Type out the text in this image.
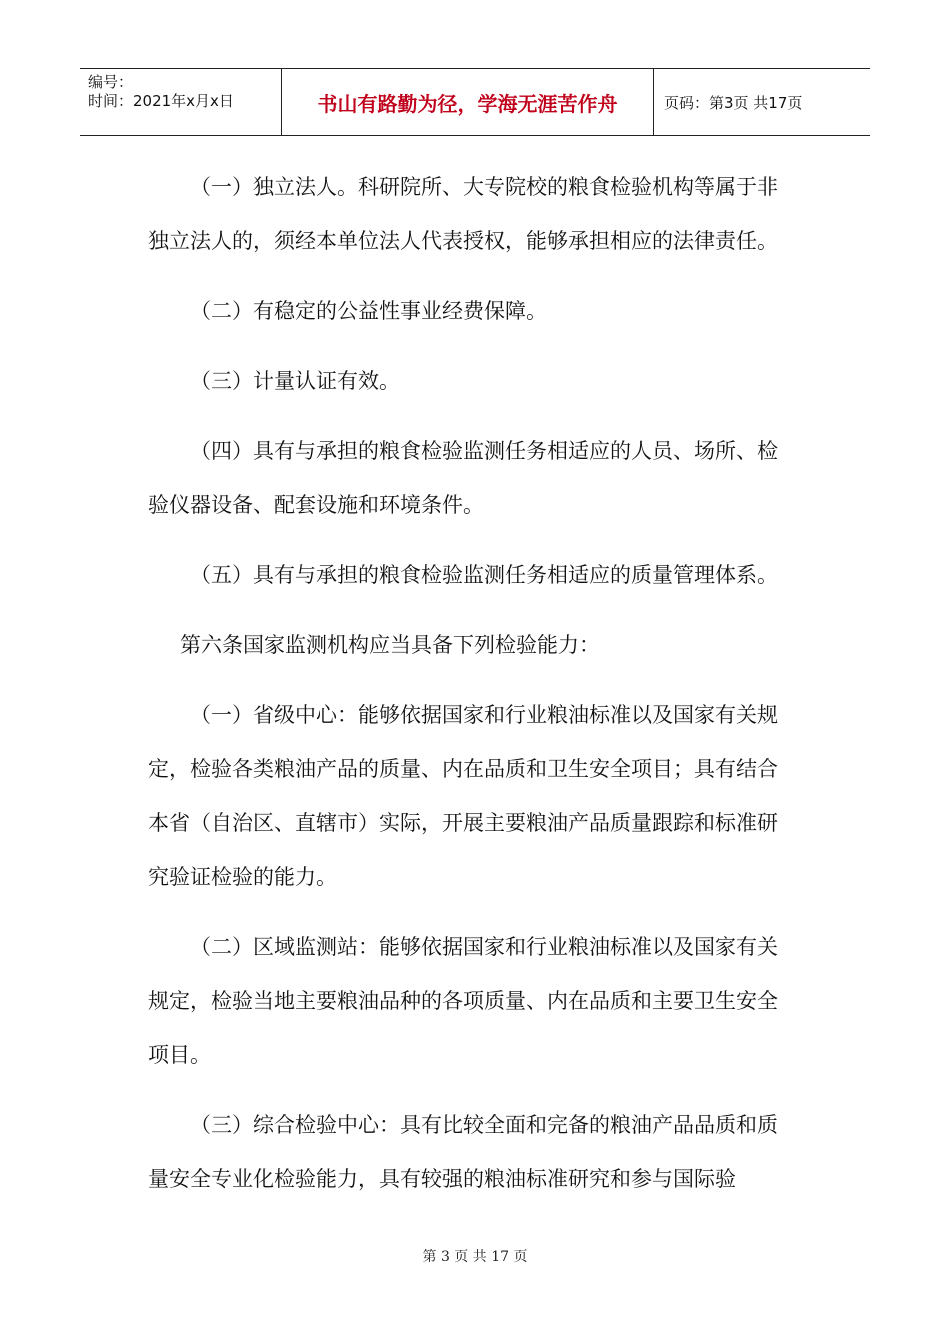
编号：
时间：2021年x月x日	书山有路勤为径，学海无涯苦作舟	页码：第3页 共17页

（一）独立法人。科研院所、大专院校的粮食检验机构等属于非独立法人的，须经本单位法人代表授权，能够承担相应的法律责任。

（二）有稳定的公益性事业经费保障。

（三）计量认证有效。

（四）具有与承担的粮食检验监测任务相适应的人员、场所、检验仪器设备、配套设施和环境条件。

（五）具有与承担的粮食检验监测任务相适应的质量管理体系。

第六条国家监测机构应当具备下列检验能力：

（一）省级中心：能够依据国家和行业粮油标准以及国家有关规定，检验各类粮油产品的质量、内在品质和卫生安全项目；具有结合本省（自治区、直辖市）实际，开展主要粮油产品质量跟踪和标准研究验证检验的能力。

（二）区域监测站：能够依据国家和行业粮油标准以及国家有关规定，检验当地主要粮油品种的各项质量、内在品质和主要卫生安全项目。

（三）综合检验中心：具有比较全面和完备的粮油产品品质和质量安全专业化检验能力，具有较强的粮油标准研究和参与国际验

第 3 页 共 17 页
